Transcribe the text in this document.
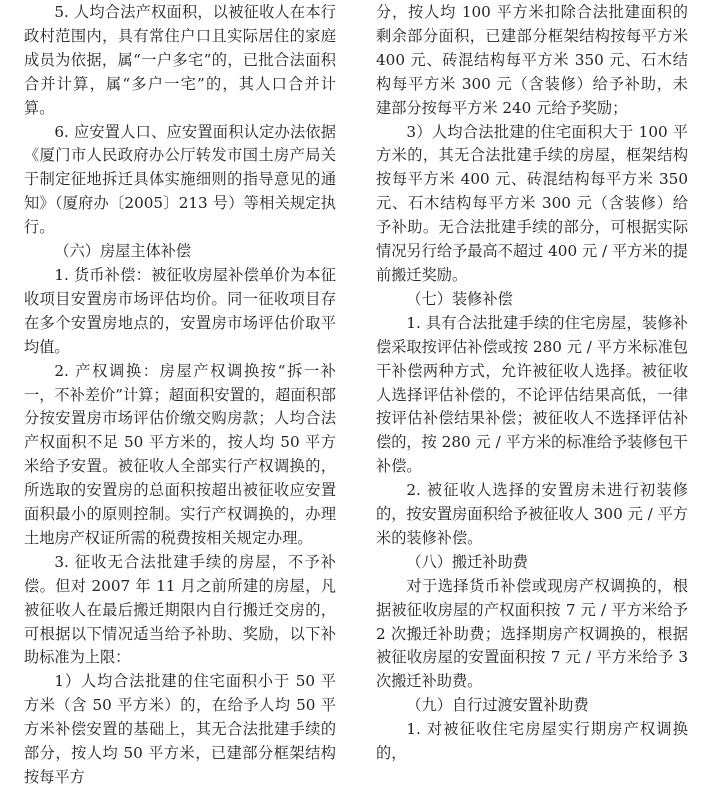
5. 人均合法产权面积，以被征收人在本行政村范围内，具有常住户口且实际居住的家庭成员为依据，属“一户多宅”的，已批合法面积合并计算，属“多户一宅”的，其人口合并计算。

6. 应安置人口、应安置面积认定办法依据《厦门市人民政府办公厅转发市国土房产局关于制定征地拆迁具体实施细则的指导意见的通知》（厦府办〔2005〕213 号）等相关规定执行。

（六）房屋主体补偿

1. 货币补偿：被征收房屋补偿单价为本征收项目安置房市场评估均价。同一征收项目存在多个安置房地点的，安置房市场评估价取平均值。

2. 产权调换：房屋产权调换按“拆一补一，不补差价”计算；超面积安置的，超面积部分按安置房市场评估价缴交购房款；人均合法产权面积不足 50 平方米的，按人均 50 平方米给予安置。被征收人全部实行产权调换的，所选取的安置房的总面积按超出被征收应安置面积最小的原则控制。实行产权调换的，办理土地房产权证所需的税费按相关规定办理。

3. 征收无合法批建手续的房屋，不予补偿。但对 2007 年 11 月之前所建的房屋，凡被征收人在最后搬迁期限内自行搬迁交房的，可根据以下情况适当给予补助、奖励，以下补助标准为上限：

1）人均合法批建的住宅面积小于 50 平方米（含 50 平方米）的，在给予人均 50 平方米补偿安置的基础上，其无合法批建手续的部分，按人均 50 平方米，已建部分框架结构按每平方

分，按人均 100 平方米扣除合法批建面积的剩余部分面积，已建部分框架结构按每平方米 400 元、砖混结构每平方米 350 元、石木结构每平方米 300 元（含装修）给予补助，未建部分按每平方米 240 元给予奖励；

3）人均合法批建的住宅面积大于 100 平方米的，其无合法批建手续的房屋，框架结构按每平方米 400 元、砖混结构每平方米 350 元、石木结构每平方米 300 元（含装修）给予补助。无合法批建手续的部分，可根据实际情况另行给予最高不超过 400 元 / 平方米的提前搬迁奖励。

（七）装修补偿

1. 具有合法批建手续的住宅房屋，装修补偿采取按评估补偿或按 280 元 / 平方米标准包干补偿两种方式，允许被征收人选择。被征收人选择评估补偿的，不论评估结果高低，一律按评估补偿结果补偿；被征收人不选择评估补偿的，按 280 元 / 平方米的标准给予装修包干补偿。

2. 被征收人选择的安置房未进行初装修的，按安置房面积给予被征收人 300 元 / 平方米的装修补偿。

（八）搬迁补助费

对于选择货币补偿或现房产权调换的，根据被征收房屋的产权面积按 7 元 / 平方米给予 2 次搬迁补助费；选择期房产权调换的，根据被征收房屋的安置面积按 7 元 / 平方米给予 3 次搬迁补助费。

（九）自行过渡安置补助费

1. 对被征收住宅房屋实行期房产权调换的，
